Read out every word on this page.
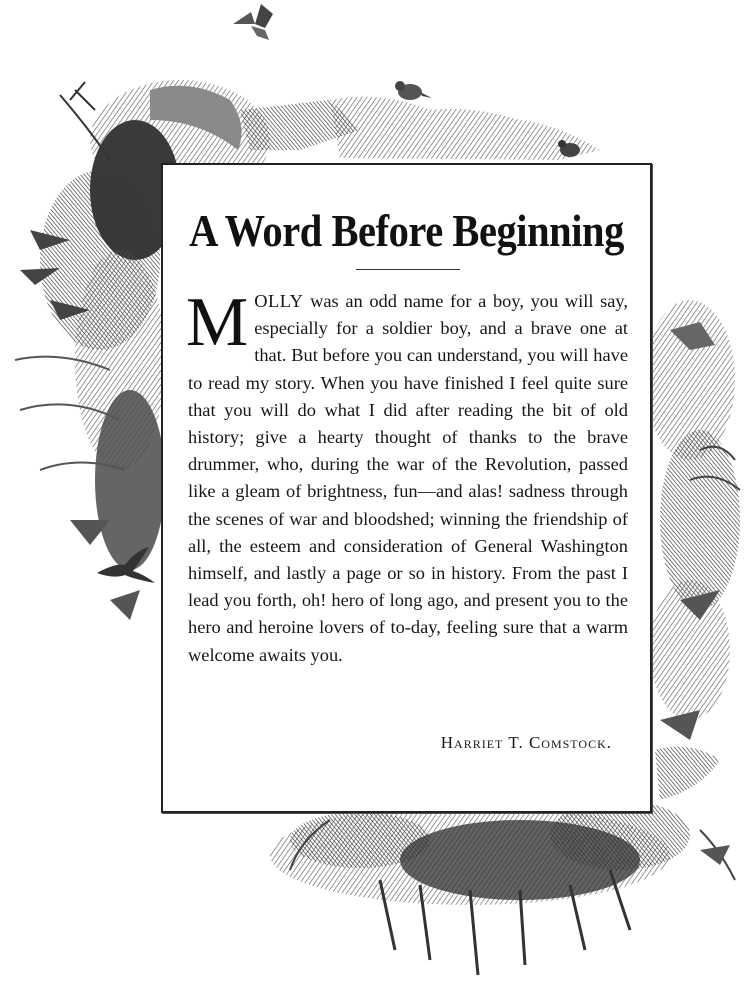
A Word Before Beginning

MOLLY was an odd name for a boy, you will say, especially for a soldier boy, and a brave one at that. But before you can understand, you will have to read my story. When you have finished I feel quite sure that you will do what I did after reading the bit of old history; give a hearty thought of thanks to the brave drummer, who, during the war of the Revolution, passed like a gleam of brightness, fun—and alas! sadness through the scenes of war and bloodshed; winning the friendship of all, the esteem and consideration of General Washington himself, and lastly a page or so in history. From the past I lead you forth, oh! hero of long ago, and present you to the hero and heroine lovers of to-day, feeling sure that a warm welcome awaits you.

Harriet T. Comstock.
